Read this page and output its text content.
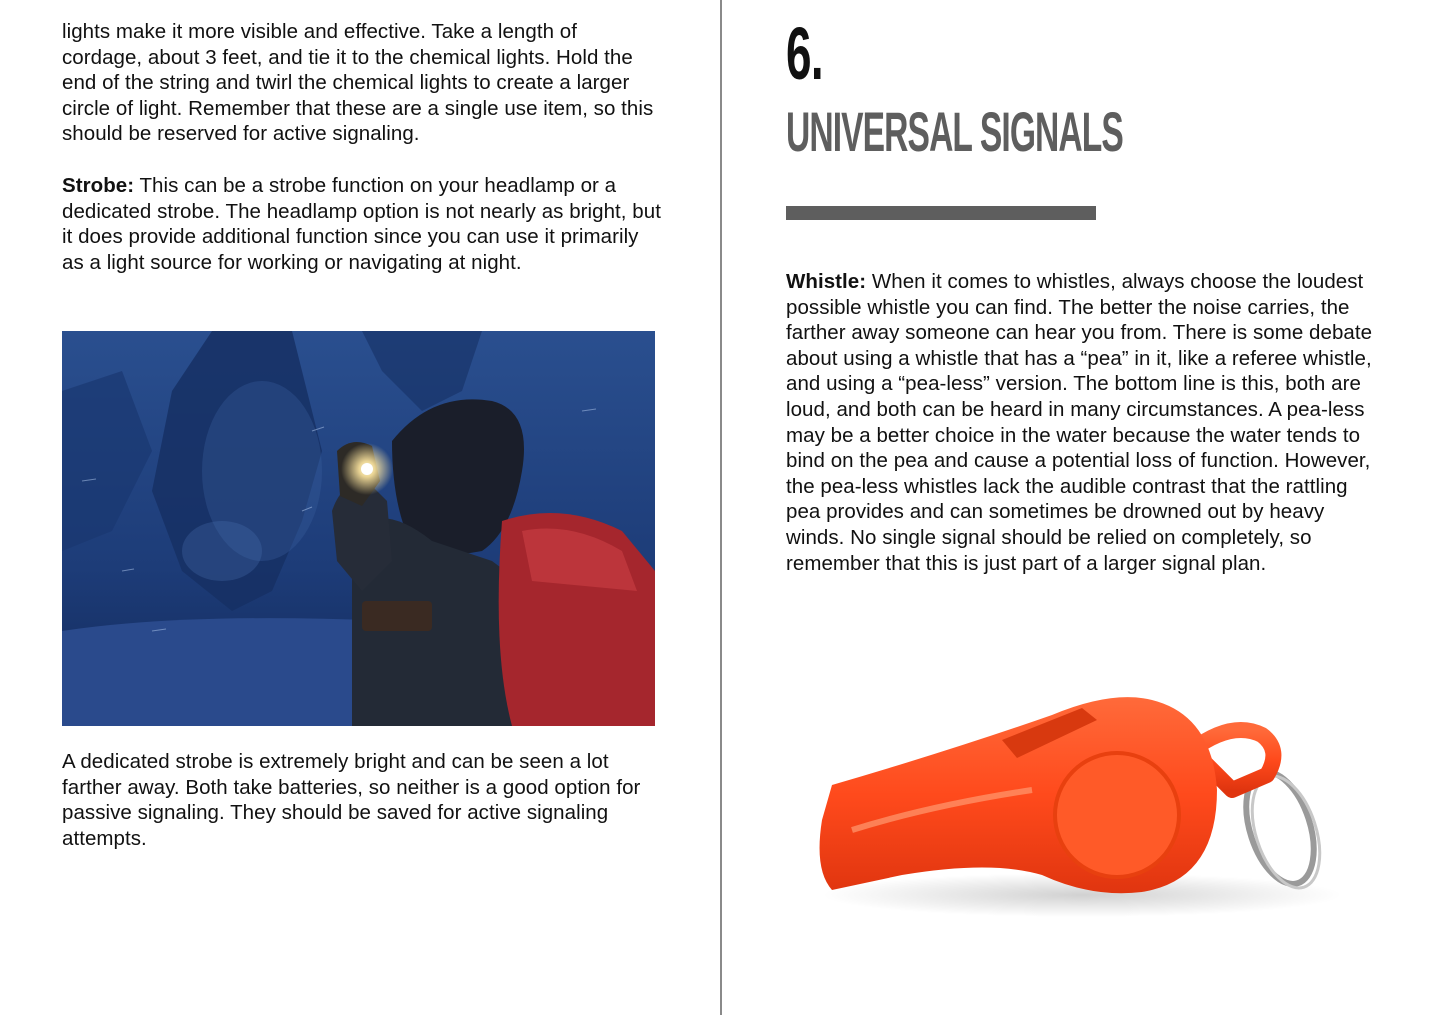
lights make it more visible and effective. Take a length of cordage, about 3 feet, and tie it to the chemical lights. Hold the end of the string and twirl the chemical lights to create a larger circle of light. Remember that these are a single use item, so this should be reserved for active signaling.

Strobe: This can be a strobe function on your headlamp or a dedicated strobe. The headlamp option is not nearly as bright, but it does provide additional function since you can use it primarily as a light source for working or navigating at night.

A dedicated strobe is extremely bright and can be seen a lot farther away. Both take batteries, so neither is a good option for passive signaling. They should be saved for active signaling attempts.

6.
UNIVERSAL SIGNALS

Whistle: When it comes to whistles, always choose the loudest possible whistle you can find. The better the noise carries, the farther away someone can hear you from. There is some debate about using a whistle that has a “pea” in it, like a referee whistle, and using a “pea-less” version. The bottom line is this, both are loud, and both can be heard in many circumstances. A pea-less may be a better choice in the water because the water tends to bind on the pea and cause a potential loss of function. However, the pea-less whistles lack the audible contrast that the rattling pea provides and can sometimes be drowned out by heavy winds. No single signal should be relied on completely, so remember that this is just part of a larger signal plan.
